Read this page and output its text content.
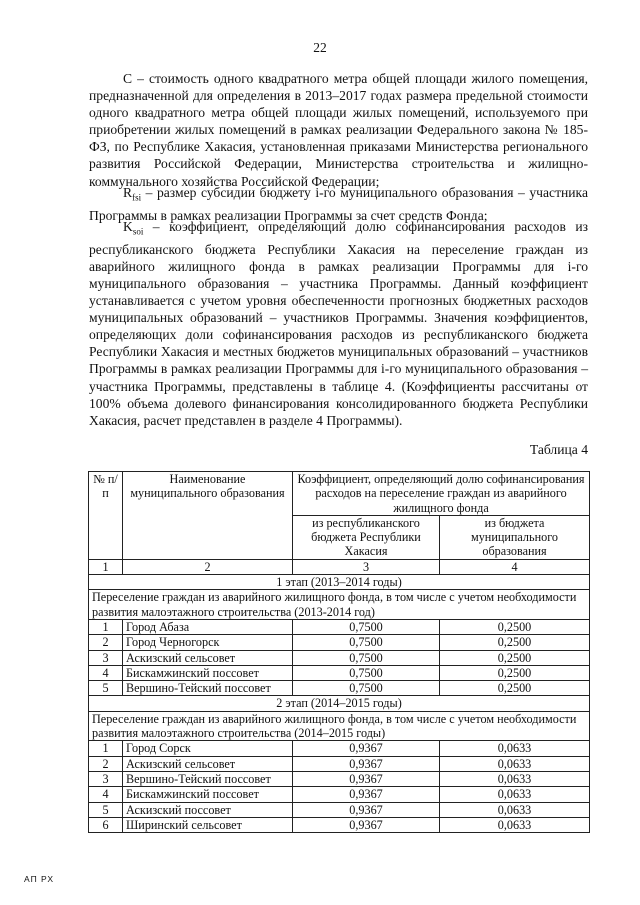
22
С – стоимость одного квадратного метра общей площади жилого помещения, предназначенной для определения в 2013–2017 годах размера предельной стоимости одного квадратного метра общей площади жилых помещений, используемого при приобретении жилых помещений в рамках реализации Федерального закона № 185-ФЗ, по Республике Хакасия, установленная приказами Министерства регионального развития Российской Федерации, Министерства строительства и жилищно-коммунального хозяйства Российской Федерации;
$R_{fsi}$ – размер субсидии бюджету i-го муниципального образования – участника Программы в рамках реализации Программы за счет средств Фонда;
$K_{soi}$ – коэффициент, определяющий долю софинансирования расходов из республиканского бюджета Республики Хакасия на переселение граждан из аварийного жилищного фонда в рамках реализации Программы для i-го муниципального образования – участника Программы. Данный коэффициент устанавливается с учетом уровня обеспеченности прогнозных бюджетных расходов муниципальных образований – участников Программы. Значения коэффициентов, определяющих доли софинансирования расходов из республиканского бюджета Республики Хакасия и местных бюджетов муниципальных образований – участников Программы в рамках реализации Программы для i-го муниципального образования – участника Программы, представлены в таблице 4. (Коэффициенты рассчитаны от 100% объема долевого финансирования консолидированного бюджета Республики Хакасия, расчет представлен в разделе 4 Программы).
Таблица 4
№ п/п	Наименование муниципального образования	Коэффициент, определяющий долю софинансирования расходов на переселение граждан из аварийного жилищного фонда	
		из республиканского бюджета Республики Хакасия	из бюджета муниципального образования
1	2	3	4
1 этап (2013–2014 годы)			
Переселение граждан из аварийного жилищного фонда, в том числе с учетом необходимости развития малоэтажного строительства (2013-2014 год)			
1	Город Абаза	0,7500	0,2500
2	Город Черногорск	0,7500	0,2500
3	Аскизский сельсовет	0,7500	0,2500
4	Бискамжинский поссовет	0,7500	0,2500
5	Вершино-Тейский поссовет	0,7500	0,2500
2 этап (2014–2015 годы)			
Переселение граждан из аварийного жилищного фонда, в том числе с учетом необходимости развития малоэтажного строительства (2014–2015 годы)			
1	Город Сорск	0,9367	0,0633
2	Аскизский сельсовет	0,9367	0,0633
3	Вершино-Тейский поссовет	0,9367	0,0633
4	Бискамжинский поссовет	0,9367	0,0633
5	Аскизский поссовет	0,9367	0,0633
6	Ширинский сельсовет	0,9367	0,0633
АП РХ
